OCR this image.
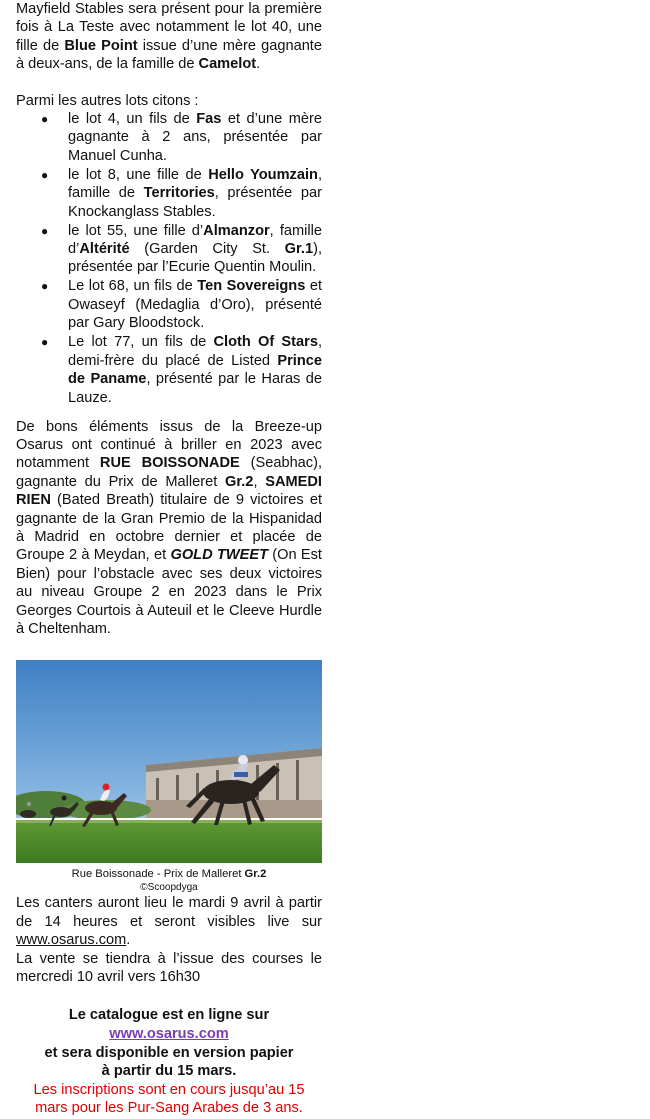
Mayfield Stables sera présent pour la première fois à La Teste avec notamment le lot 40, une fille de Blue Point issue d’une mère gagnante à deux-ans, de la famille de Camelot.

Parmi les autres lots citons :

● le lot 4, un fils de Fas et d’une mère gagnante à 2 ans, présentée par Manuel Cunha.
● le lot 8, une fille de Hello Youmzain, famille de Territories, présentée par Knockanglass Stables.
● le lot 55, une fille d’Almanzor, famille d’Altérité (Garden City St. Gr.1), présentée par l’Ecurie Quentin Moulin.
● Le lot 68, un fils de Ten Sovereigns et Owaseyf (Medaglia d’Oro), présenté par Gary Bloodstock.
● Le lot 77, un fils de Cloth Of Stars, demi-frère du placé de Listed Prince de Paname, présenté par le Haras de Lauze.

De bons éléments issus de la Breeze-up Osarus ont continué à briller en 2023 avec notamment RUE BOISSONADE (Seabhac), gagnante du Prix de Malleret Gr.2, SAMEDI RIEN (Bated Breath) titulaire de 9 victoires et gagnante de la Gran Premio de la Hispanidad à Madrid en octobre dernier et placée de Groupe 2 à Meydan, et GOLD TWEET (On Est Bien) pour l’obstacle avec ses deux victoires au niveau Groupe 2 en 2023 dans le Prix Georges Courtois à Auteuil et le Cleeve Hurdle à Cheltenham.

Rue Boissonade - Prix de Malleret Gr.2
©Scoopdyga

Les canters auront lieu le mardi 9 avril à partir de 14 heures et seront visibles live sur www.osarus.com.
La vente se tiendra à l’issue des courses le mercredi 10 avril vers 16h30

Le catalogue est en ligne sur
www.osarus.com
et sera disponible en version papier
à partir du 15 mars.
Les inscriptions sont en cours jusqu’au 15
mars pour les Pur-Sang Arabes de 3 ans.
